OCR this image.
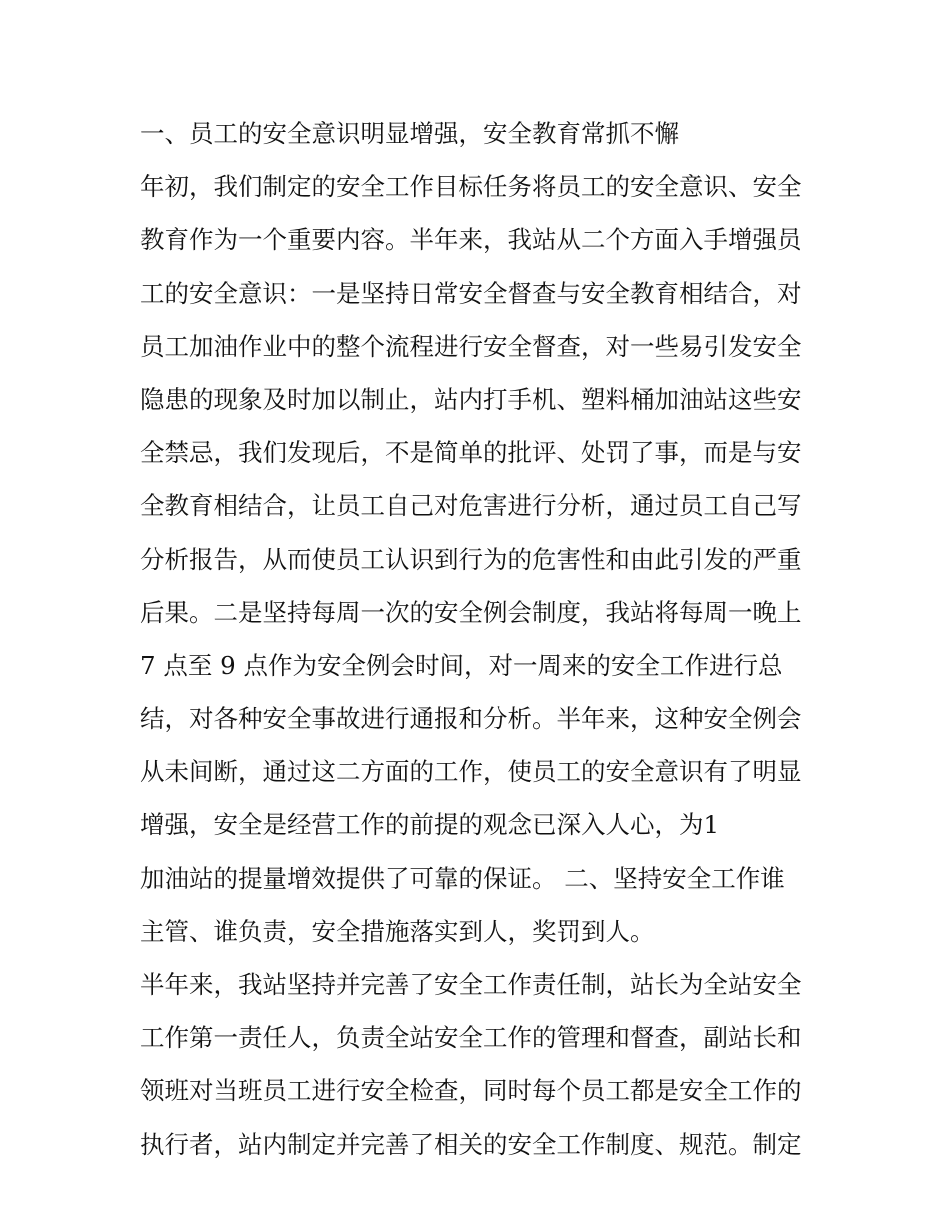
一、员工的安全意识明显增强，安全教育常抓不懈
年初，我们制定的安全工作目标任务将员工的安全意识、安全
教育作为一个重要内容。半年来，我站从二个方面入手增强员
工的安全意识：一是坚持日常安全督查与安全教育相结合，对
员工加油作业中的整个流程进行安全督查，对一些易引发安全
隐患的现象及时加以制止，站内打手机、塑料桶加油站这些安
全禁忌，我们发现后，不是简单的批评、处罚了事，而是与安
全教育相结合，让员工自己对危害进行分析，通过员工自己写
分析报告，从而使员工认识到行为的危害性和由此引发的严重
后果。二是坚持每周一次的安全例会制度，我站将每周一晚上
7 点至 9 点作为安全例会时间，对一周来的安全工作进行总
结，对各种安全事故进行通报和分析。半年来，这种安全例会
从未间断，通过这二方面的工作，使员工的安全意识有了明显
增强，安全是经营工作的前提的观念已深入人心，为1
加油站的提量增效提供了可靠的保证。 二、坚持安全工作谁
主管、谁负责，安全措施落实到人，奖罚到人。
半年来，我站坚持并完善了安全工作责任制，站长为全站安全
工作第一责任人，负责全站安全工作的管理和督查，副站长和
领班对当班员工进行安全检查，同时每个员工都是安全工作的
执行者，站内制定并完善了相关的安全工作制度、规范。制定
